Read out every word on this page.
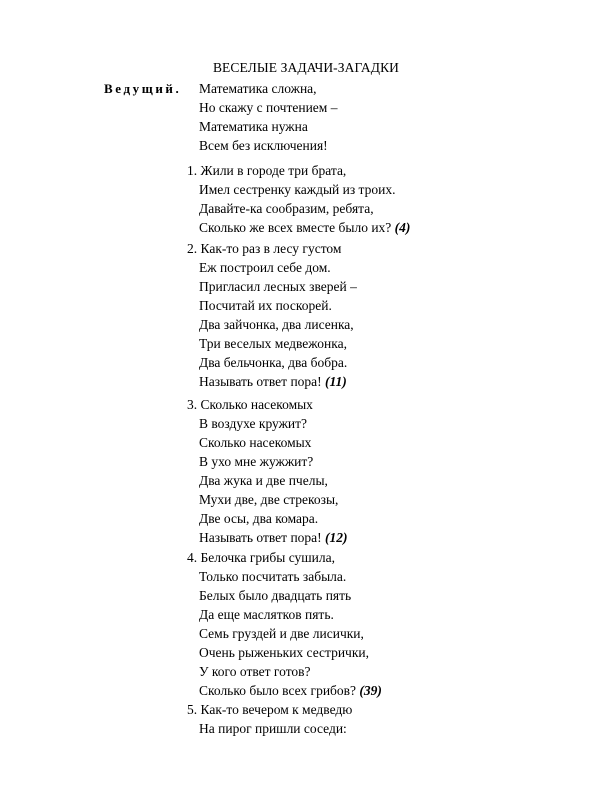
ВЕСЕЛЫЕ ЗАДАЧИ-ЗАГАДКИ
Ведущий. Математика сложна,
Но скажу с почтением –
Математика нужна
Всем без исключения!
1. Жили в городе три брата,
Имел сестренку каждый из троих.
Давайте-ка сообразим, ребята,
Сколько же всех вместе было их? (4)
2. Как-то раз в лесу густом
Еж построил себе дом.
Пригласил лесных зверей –
Посчитай их поскорей.
Два зайчонка, два лисенка,
Три веселых медвежонка,
Два бельчонка, два бобра.
Называть ответ пора! (11)
3. Сколько насекомых
В воздухе кружит?
Сколько насекомых
В ухо мне жужжит?
Два жука и две пчелы,
Мухи две, две стрекозы,
Две осы, два комара.
Называть ответ пора! (12)
4. Белочка грибы сушила,
Только посчитать забыла.
Белых было двадцать пять
Да еще маслятков пять.
Семь груздей и две лисички,
Очень рыженьких сестрички,
У кого ответ готов?
Сколько было всех грибов? (39)
5. Как-то вечером к медведю
На пирог пришли соседи:
